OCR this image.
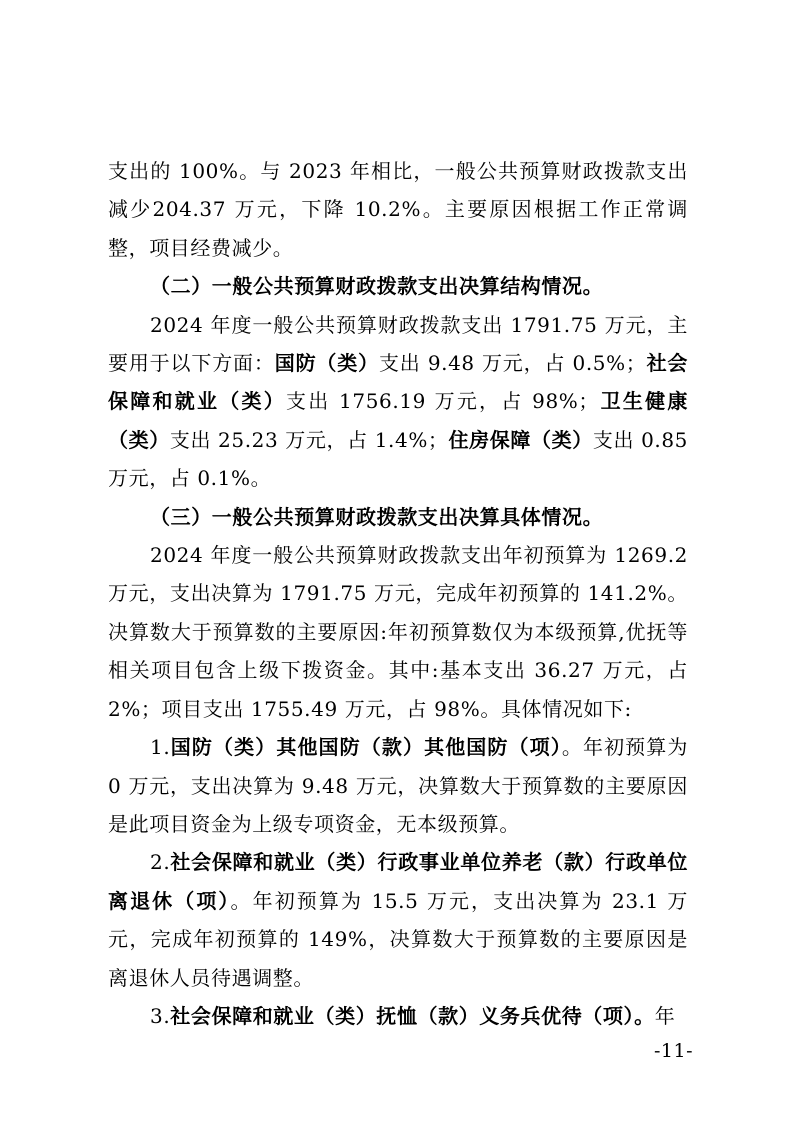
支出的 100%。与 2023 年相比，一般公共预算财政拨款支出减少204.37 万元，下降 10.2%。主要原因根据工作正常调整，项目经费减少。

（二）一般公共预算财政拨款支出决算结构情况。

2024 年度一般公共预算财政拨款支出 1791.75 万元，主要用于以下方面：国防（类）支出 9.48 万元，占 0.5%；社会保障和就业（类）支出 1756.19 万元，占 98%；卫生健康（类）支出 25.23 万元，占 1.4%；住房保障（类）支出 0.85 万元，占 0.1%。

（三）一般公共预算财政拨款支出决算具体情况。

2024 年度一般公共预算财政拨款支出年初预算为 1269.2 万元，支出决算为 1791.75 万元，完成年初预算的 141.2%。决算数大于预算数的主要原因:年初预算数仅为本级预算,优抚等相关项目包含上级下拨资金。其中:基本支出 36.27 万元，占 2%；项目支出 1755.49 万元，占 98%。具体情况如下:

1.国防（类）其他国防（款）其他国防（项）。年初预算为 0 万元，支出决算为 9.48 万元，决算数大于预算数的主要原因是此项目资金为上级专项资金，无本级预算。

2.社会保障和就业（类）行政事业单位养老（款）行政单位离退休（项）。年初预算为 15.5 万元，支出决算为 23.1 万元，完成年初预算的 149%，决算数大于预算数的主要原因是离退休人员待遇调整。

3.社会保障和就业（类）抚恤（款）义务兵优待（项）。年

-11-
